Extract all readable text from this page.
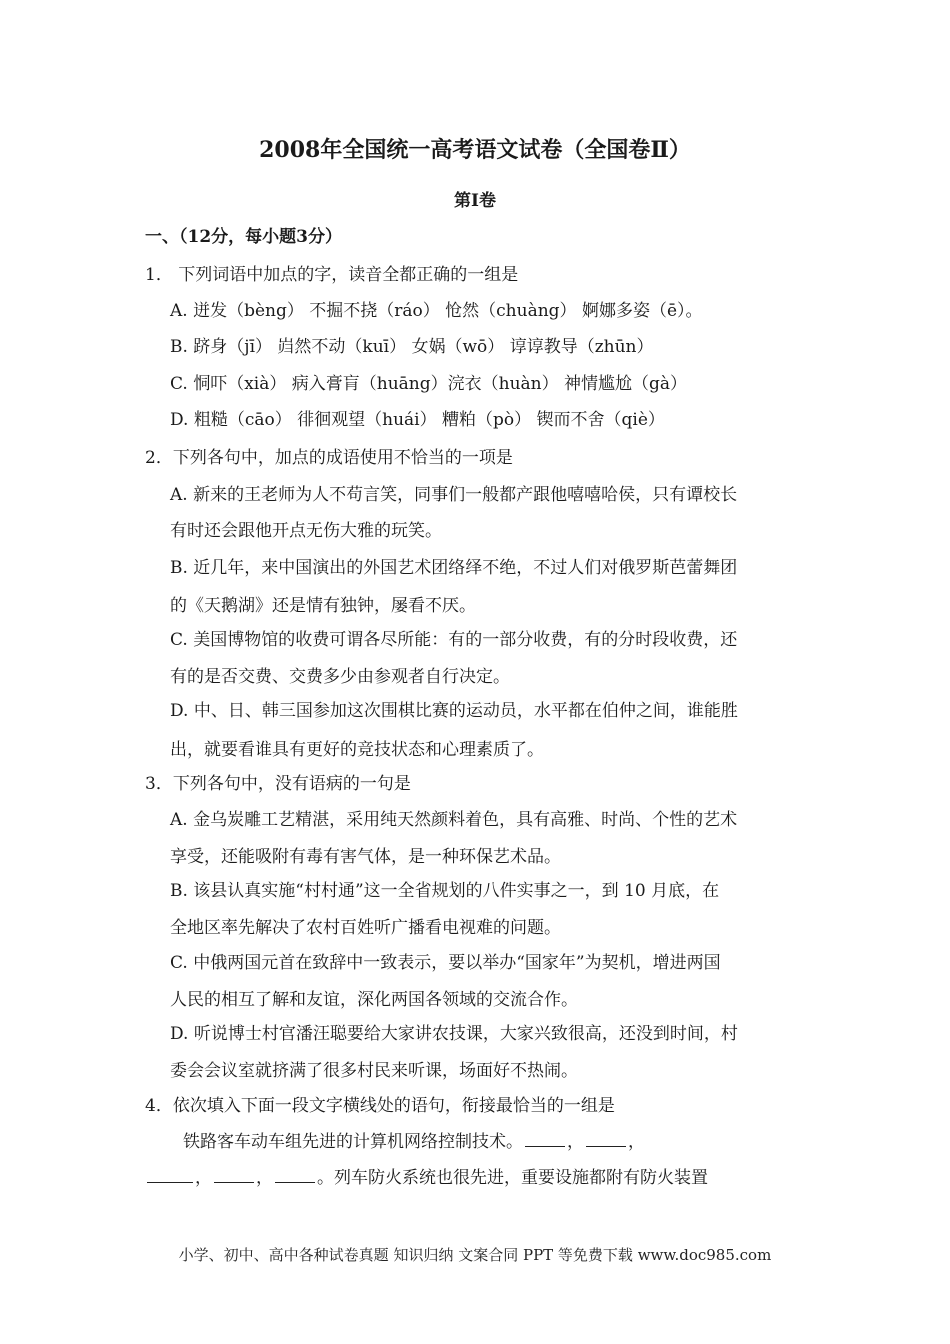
2008年全国统一高考语文试卷（全国卷Ⅱ）
第Ⅰ卷
一、（12分，每小题3分）
1． 下列词语中加点的字，读音全都正确的一组是
A. 迸发（bèng） 不掘不挠（ráo） 怆然（chuàng） 婀娜多姿（ē）。
B. 跻身（jī） 岿然不动（kuī） 女娲（wō） 谆谆教导（zhūn）
C. 恫吓（xià） 病入膏肓（huāng）浣衣（huàn） 神情尴尬（gà）
D. 粗糙（cāo） 徘徊观望（huái） 糟粕（pò） 锲而不舍（qiè）
2．下列各句中，加点的成语使用不恰当的一项是
A. 新来的王老师为人不苟言笑，同事们一般都产跟他嘻嘻哈侯，只有谭校长
有时还会跟他开点无伤大雅的玩笑。
B. 近几年，来中国演出的外国艺术团络绎不绝，不过人们对俄罗斯芭蕾舞团
的《天鹅湖》还是情有独钟，屡看不厌。
C. 美国博物馆的收费可谓各尽所能：有的一部分收费，有的分时段收费，还
有的是否交费、交费多少由参观者自行决定。
D. 中、日、韩三国参加这次围棋比赛的运动员，水平都在伯仲之间，谁能胜
出，就要看谁具有更好的竞技状态和心理素质了。
3．下列各句中，没有语病的一句是
A. 金乌炭雕工艺精湛，采用纯天然颜料着色，具有高雅、时尚、个性的艺术
享受，还能吸附有毒有害气体，是一种环保艺术品。
B. 该县认真实施“村村通”这一全省规划的八件实事之一，到 10 月底，在
全地区率先解决了农村百姓听广播看电视难的问题。
C. 中俄两国元首在致辞中一致表示，要以举办“国家年”为契机，增进两国
人民的相互了解和友谊，深化两国各领域的交流合作。
D. 听说博士村官潘汪聪要给大家讲农技课，大家兴致很高，还没到时间，村
委会会议室就挤满了很多村民来听课，场面好不热闹。
4．依次填入下面一段文字横线处的语句，衔接最恰当的一组是
铁路客车动车组先进的计算机网络控制技术。	，	，
，	，	。列车防火系统也很先进，重要设施都附有防火装置
小学、初中、高中各种试卷真题 知识归纳 文案合同 PPT 等免费下载 www.doc985.com
